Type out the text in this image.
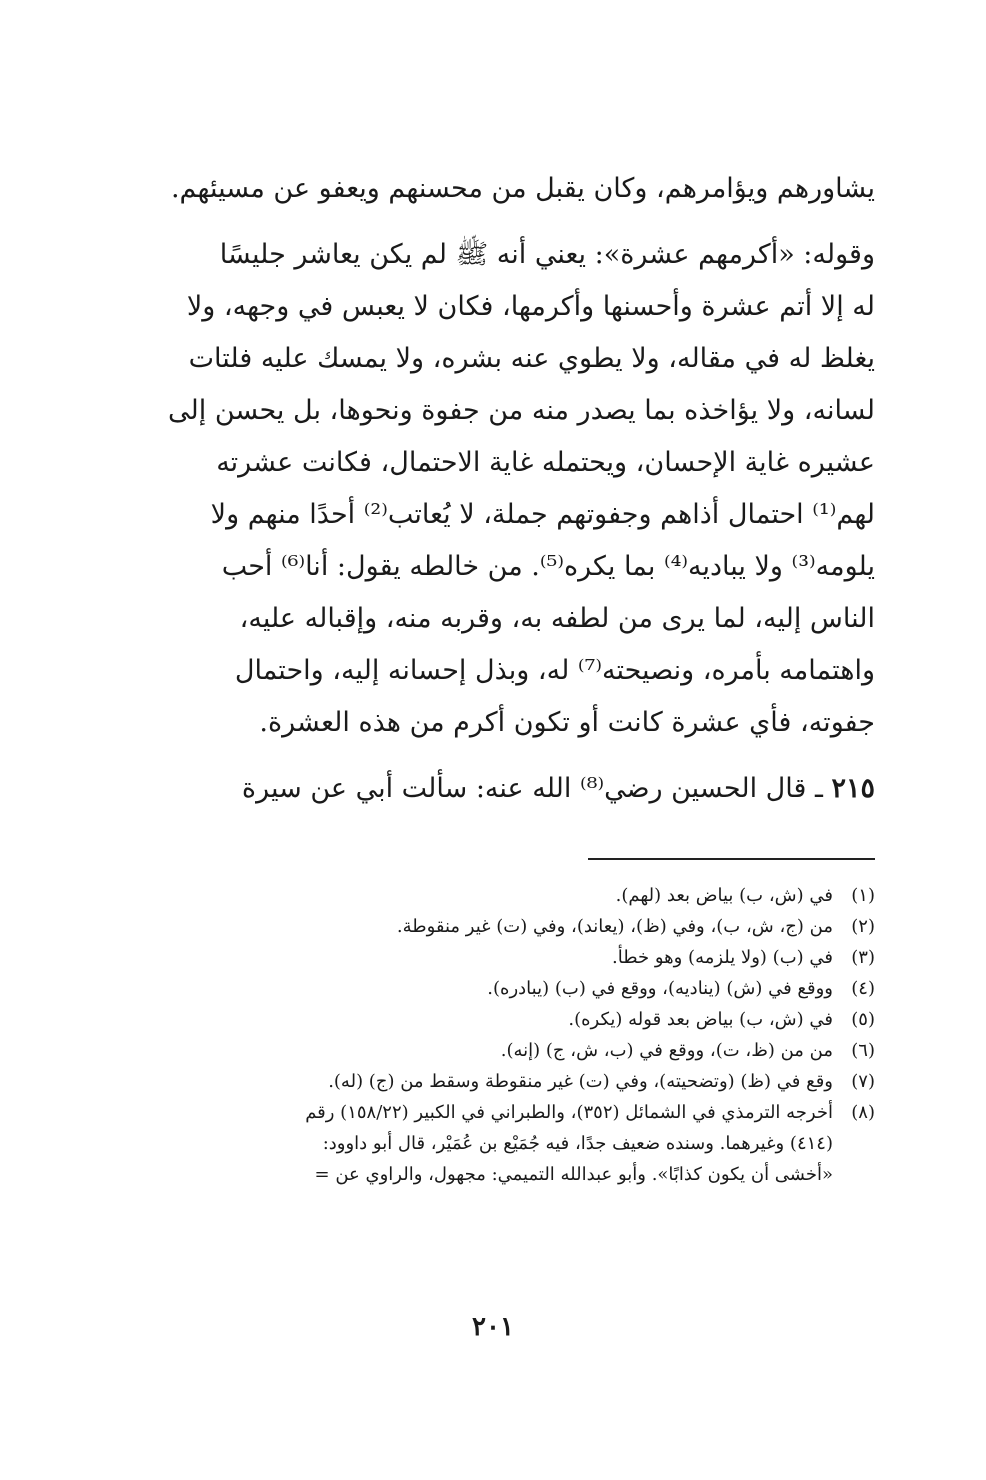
يشاورهم ويؤامرهم، وكان يقبل من محسنهم ويعفو عن مسيئهم.
وقوله: «أكرمهم عشرة»: يعني أنه ﷺ لم يكن يعاشر جليسًا
له إلا أتم عشرة وأحسنها وأكرمها، فكان لا يعبس في وجهه، ولا
يغلظ له في مقاله، ولا يطوي عنه بشره، ولا يمسك عليه فلتات
لسانه، ولا يؤاخذه بما يصدر منه من جفوة ونحوها، بل يحسن إلى
عشيره غاية الإحسان، ويحتمله غاية الاحتمال، فكانت عشرته
لهم⁽¹⁾ احتمال أذاهم وجفوتهم جملة، لا يُعاتب⁽²⁾ أحدًا منهم ولا
يلومه⁽³⁾ ولا يباديه⁽⁴⁾ بما يكره⁽⁵⁾. من خالطه يقول: أنا⁽⁶⁾ أحب
الناس إليه، لما يرى من لطفه به، وقربه منه، وإقباله عليه،
واهتمامه بأمره، ونصيحته⁽⁷⁾ له، وبذل إحسانه إليه، واحتمال
جفوته، فأي عشرة كانت أو تكون أكرم من هذه العشرة.
٢١٥ ـ قال الحسين رضي⁽⁸⁾ الله عنه: سألت أبي عن سيرة
(١)
في (ش، ب) بياض بعد (لهم).
(٢)
من (ج، ش، ب)، وفي (ظ)، (يعاند)، وفي (ت) غير منقوطة.
(٣)
في (ب) (ولا يلزمه) وهو خطأ.
(٤)
ووقع في (ش) (ينادیه)، ووقع في (ب) (يبادره).
(٥)
في (ش، ب) بياض بعد قوله (يكره).
(٦)
من من (ظ، ت)، ووقع في (ب، ش، ج) (إنه).
(٧)
وقع في (ظ) (وتضحيته)، وفي (ت) غير منقوطة وسقط من (ج) (له).
(٨)
أخرجه الترمذي في الشمائل (٣٥٢)، والطبراني في الكبير (١٥٨/٢٢) رقم
(٤١٤) وغيرهما. وسنده ضعيف جدًا، فيه جُمَيْع بن عُمَيْر، قال أبو داوود:
«أخشى أن يكون كذابًا». وأبو عبدالله التميمي: مجهول، والراوي عن =
٢٠١
